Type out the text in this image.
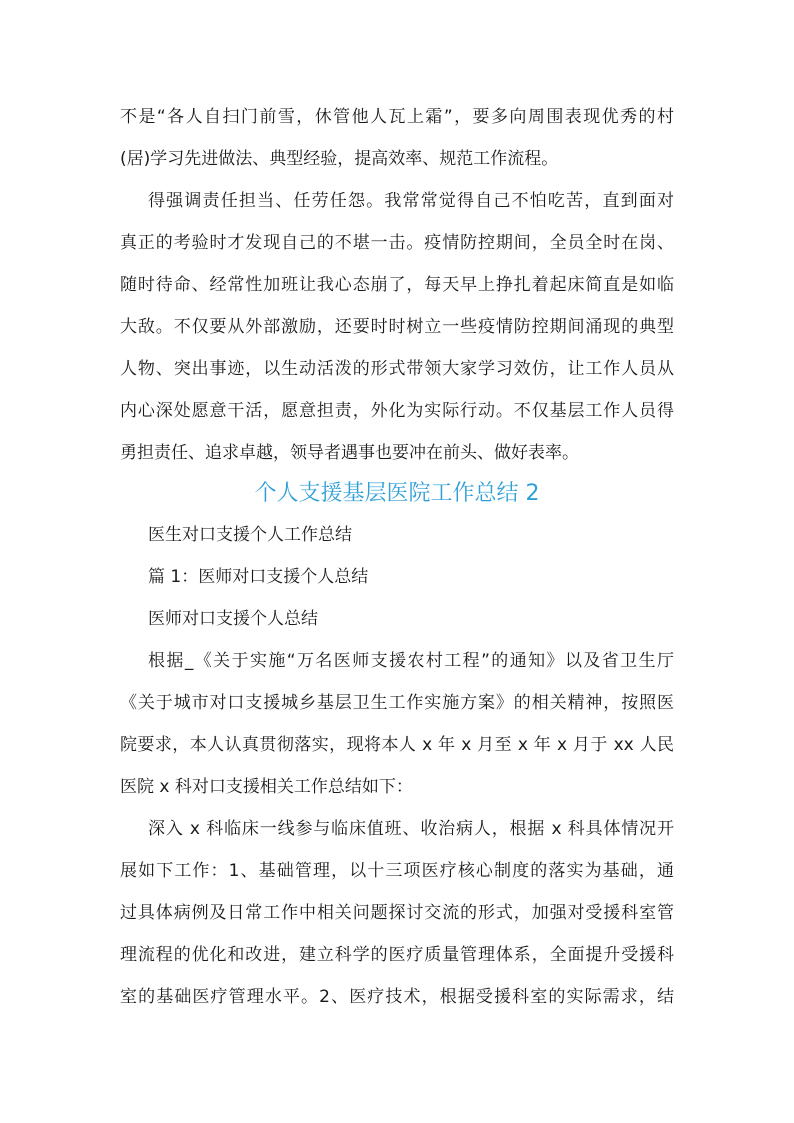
不是“各人自扫门前雪，休管他人瓦上霜”，要多向周围表现优秀的村
(居)学习先进做法、典型经验，提高效率、规范工作流程。
得强调责任担当、任劳任怨。我常常觉得自己不怕吃苦，直到面对
真正的考验时才发现自己的不堪一击。疫情防控期间，全员全时在岗、
随时待命、经常性加班让我心态崩了，每天早上挣扎着起床简直是如临
大敌。不仅要从外部激励，还要时时树立一些疫情防控期间涌现的典型
人物、突出事迹，以生动活泼的形式带领大家学习效仿，让工作人员从
内心深处愿意干活，愿意担责，外化为实际行动。不仅基层工作人员得
勇担责任、追求卓越，领导者遇事也要冲在前头、做好表率。
个人支援基层医院工作总结 2
医生对口支援个人工作总结
篇 1：医师对口支援个人总结
医师对口支援个人总结
根据_《关于实施“万名医师支援农村工程”的通知》以及省卫生厅
《关于城市对口支援城乡基层卫生工作实施方案》的相关精神，按照医
院要求，本人认真贯彻落实，现将本人 x 年 x 月至 x 年 x 月于 xx 人民
医院 x 科对口支援相关工作总结如下：
深入 x 科临床一线参与临床值班、收治病人，根据 x 科具体情况开
展如下工作：1、基础管理，以十三项医疗核心制度的落实为基础，通
过具体病例及日常工作中相关问题探讨交流的形式，加强对受援科室管
理流程的优化和改进，建立科学的医疗质量管理体系，全面提升受援科
室的基础医疗管理水平。2、医疗技术，根据受援科室的实际需求，结
